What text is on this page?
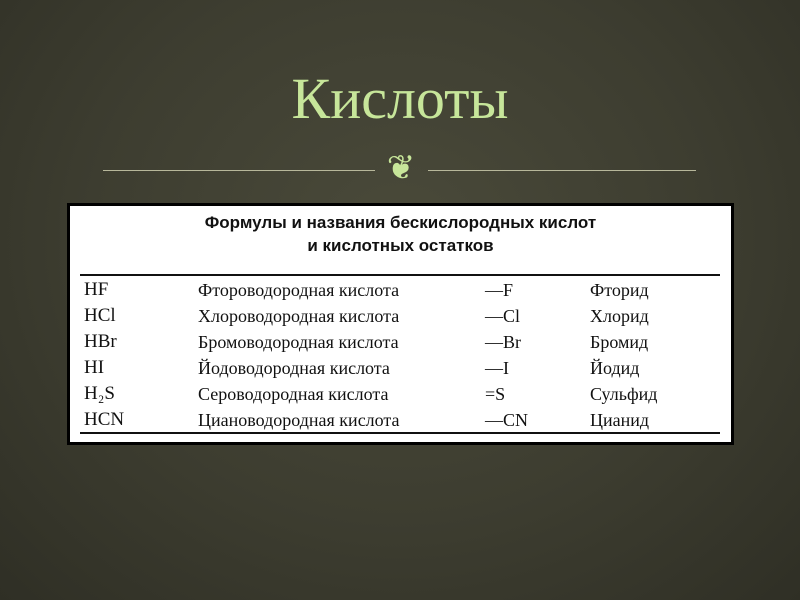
Кислоты
❦
Формулы и названия бескислородных кислот
и кислотных остатков
HF	Фтороводородная кислота	—F	Фторид
HCl	Хлороводородная кислота	—Cl	Хлорид
HBr	Бромоводородная кислота	—Br	Бромид
HI	Йодоводородная кислота	—I	Йодид
H₂S	Сероводородная кислота	=S	Сульфид
HCN	Циановодородная кислота	—CN	Цианид
